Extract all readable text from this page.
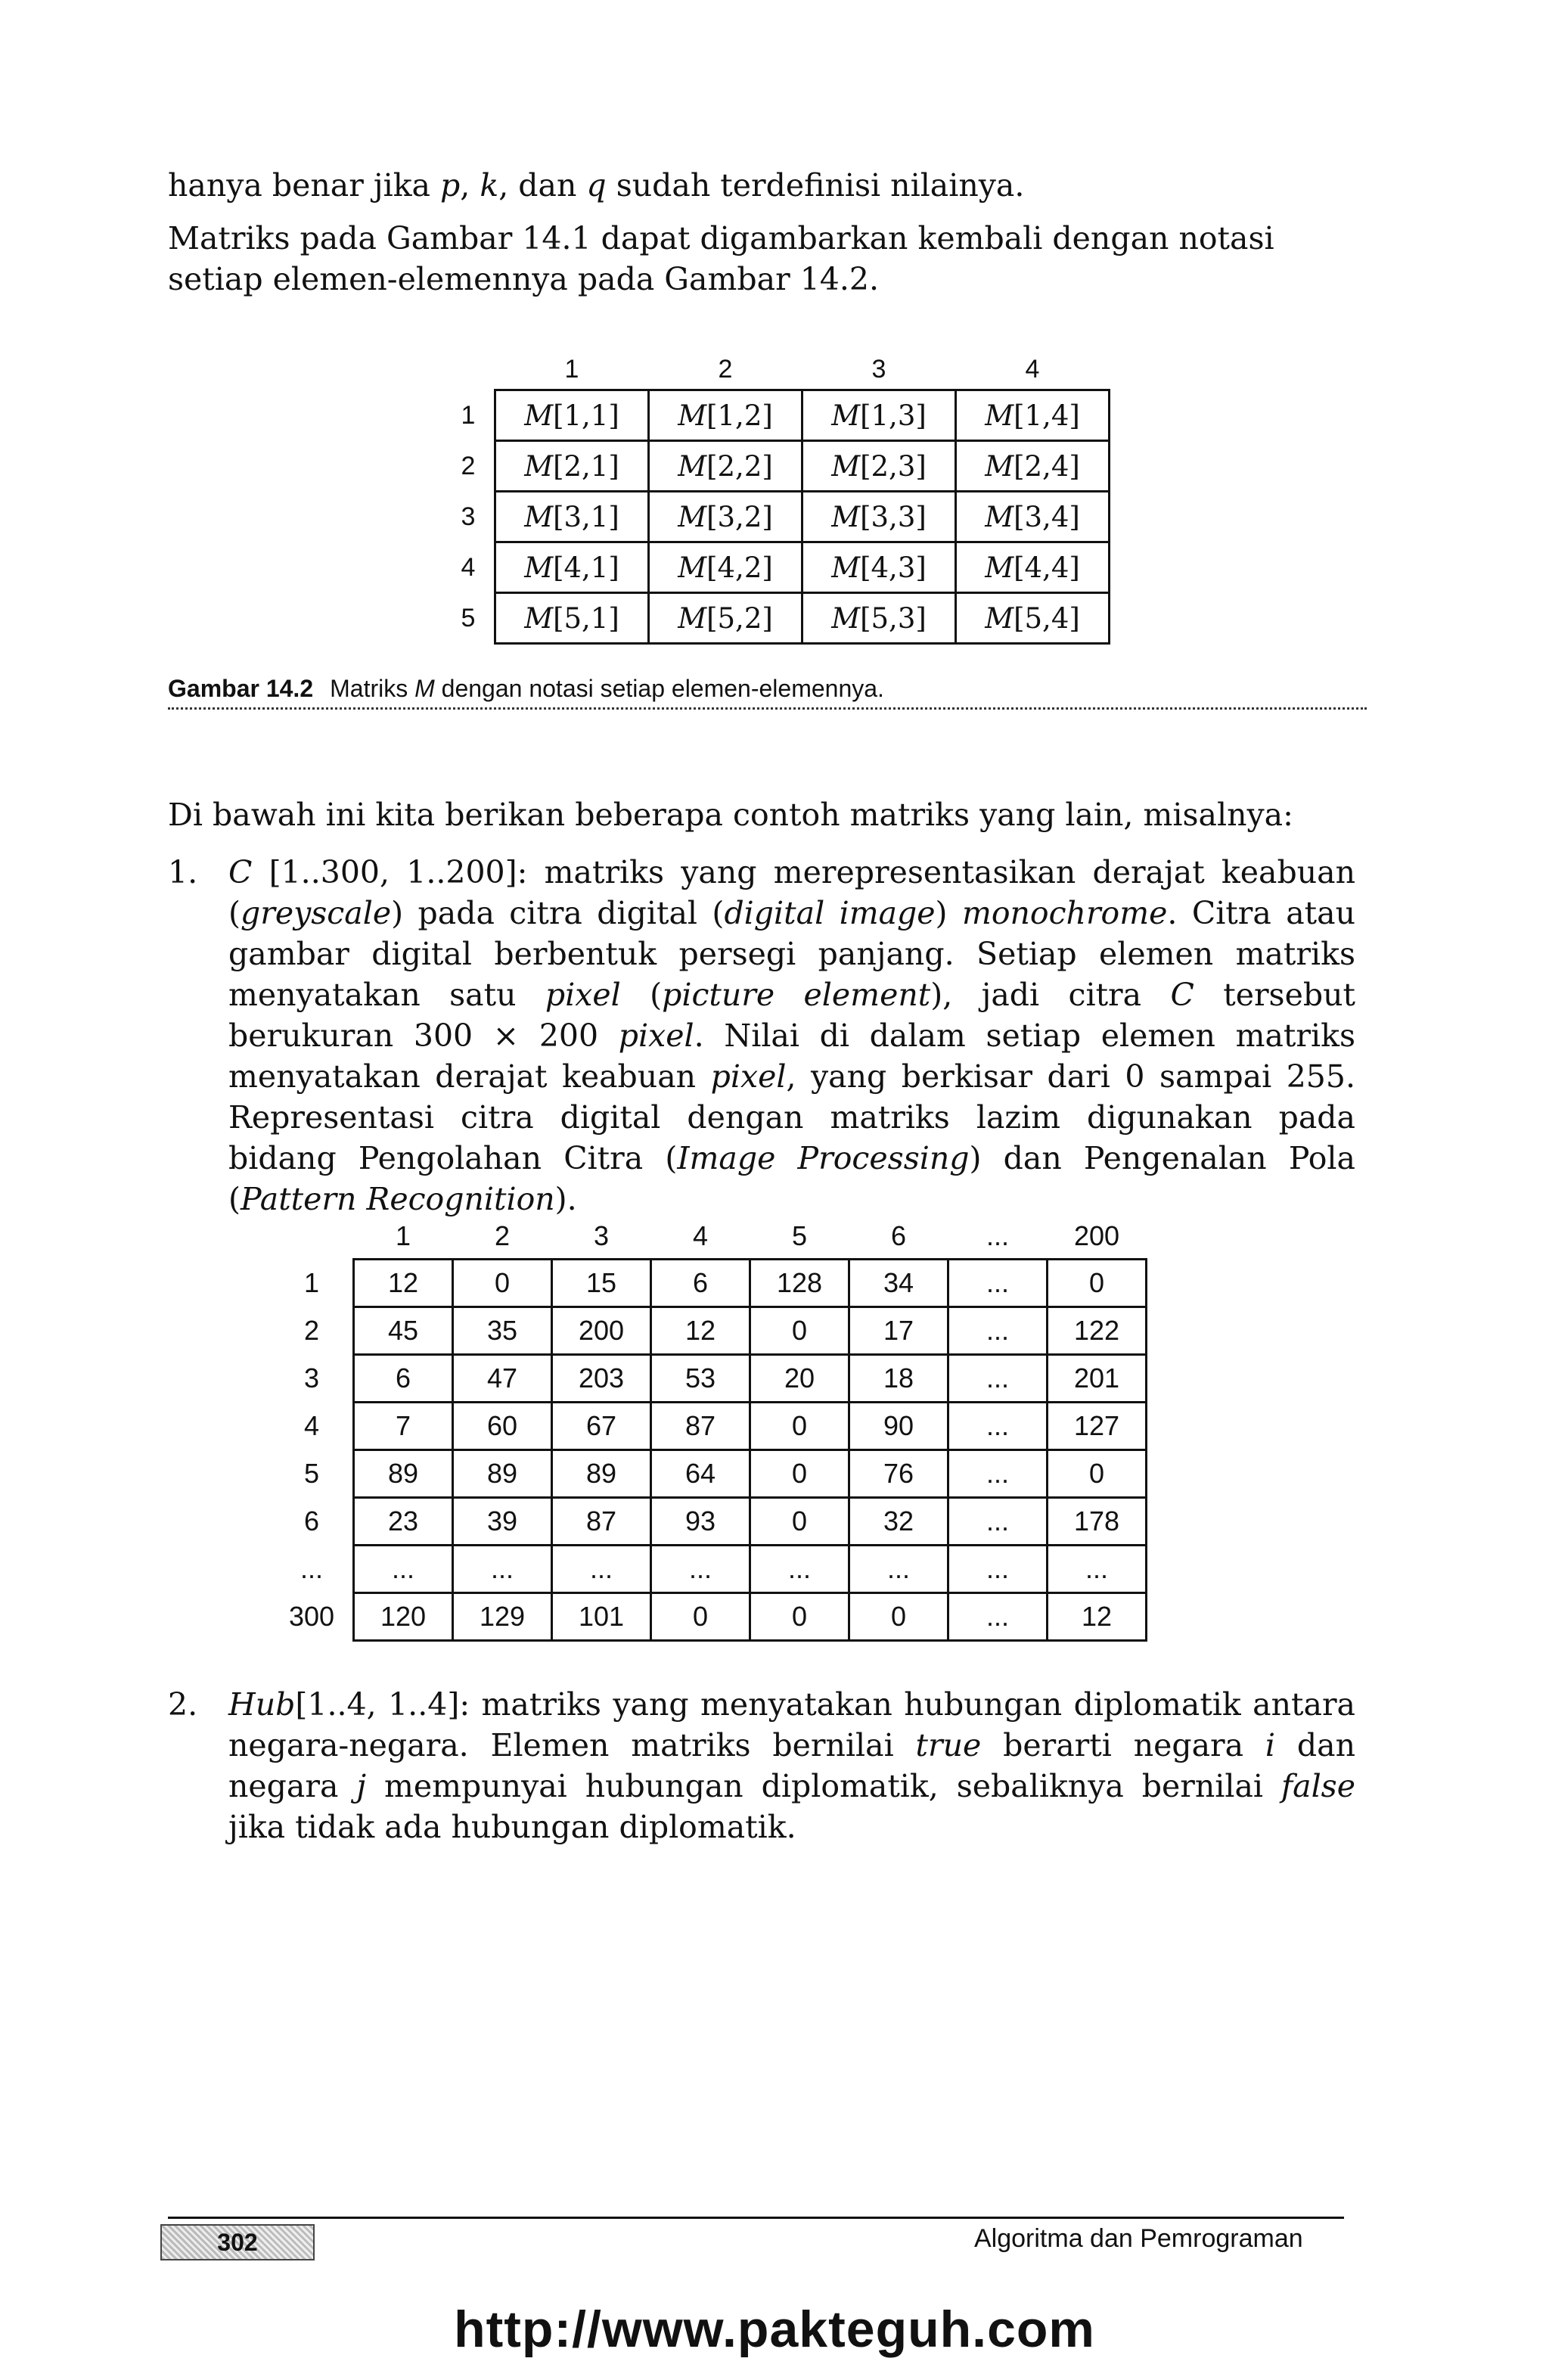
hanya benar jika p, k, dan q sudah terdefinisi nilainya.

Matriks pada Gambar 14.1 dapat digambarkan kembali dengan notasi setiap elemen-elemennya pada Gambar 14.2.

	1	2	3	4
1	M[1,1]	M[1,2]	M[1,3]	M[1,4]
2	M[2,1]	M[2,2]	M[2,3]	M[2,4]
3	M[3,1]	M[3,2]	M[3,3]	M[3,4]
4	M[4,1]	M[4,2]	M[4,3]	M[4,4]
5	M[5,1]	M[5,2]	M[5,3]	M[5,4]
Gambar 14.2 Matriks M dengan notasi setiap elemen-elemennya.

Di bawah ini kita berikan beberapa contoh matriks yang lain, misalnya:

1. C [1..300, 1..200]: matriks yang merepresentasikan derajat keabuan (greyscale) pada citra digital (digital image) monochrome. Citra atau gambar digital berbentuk persegi panjang. Setiap elemen matriks menyatakan satu pixel (picture element), jadi citra C tersebut berukuran 300 × 200 pixel. Nilai di dalam setiap elemen matriks menyatakan derajat keabuan pixel, yang berkisar dari 0 sampai 255. Representasi citra digital dengan matriks lazim digunakan pada bidang Pengolahan Citra (Image Processing) dan Pengenalan Pola (Pattern Recognition).

	1	2	3	4	5	6	...	200
1	12	0	15	6	128	34	...	0
2	45	35	200	12	0	17	...	122
3	6	47	203	53	20	18	...	201
4	7	60	67	87	0	90	...	127
5	89	89	89	64	0	76	...	0
6	23	39	87	93	0	32	...	178
...	...	...	...	...	...	...	...	...
300	120	129	101	0	0	0	...	12
2. Hub[1..4, 1..4]: matriks yang menyatakan hubungan diplomatik antara negara-negara. Elemen matriks bernilai true berarti negara i dan negara j mempunyai hubungan diplomatik, sebaliknya bernilai false jika tidak ada hubungan diplomatik.

302	Algoritma dan Pemrograman
http://www.pakteguh.com
